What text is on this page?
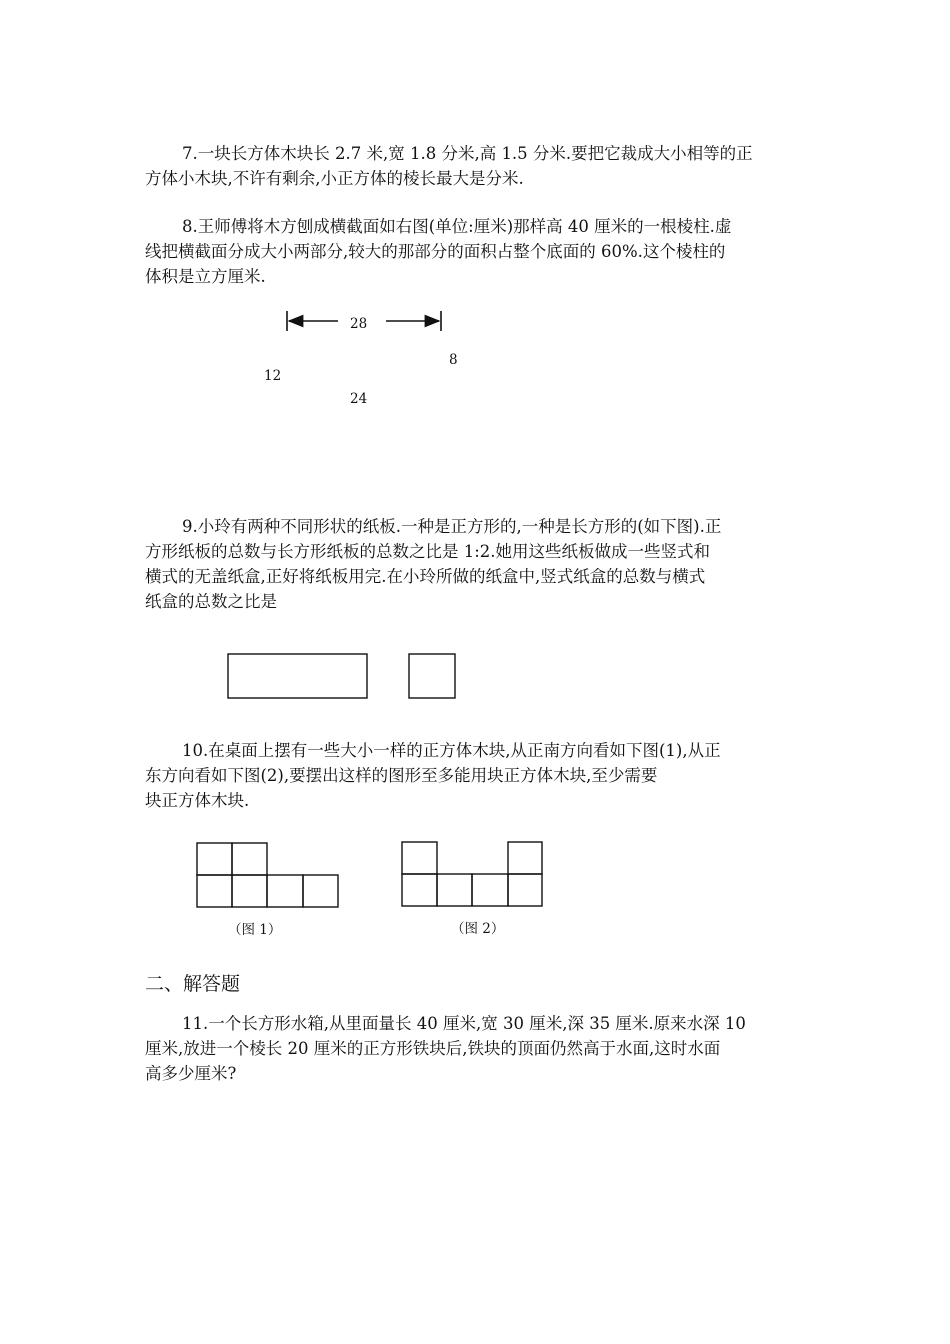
7.一块长方体木块长 2.7 米,宽 1.8 分米,高 1.5 分米.要把它裁成大小相等的正
方体小木块,不许有剩余,小正方体的棱长最大是分米.
8.王师傅将木方刨成横截面如右图(单位:厘米)那样高 40 厘米的一根棱柱.虚
线把横截面分成大小两部分,较大的那部分的面积占整个底面的 60%.这个棱柱的
体积是立方厘米.
28
8
12
24
9.小玲有两种不同形状的纸板.一种是正方形的,一种是长方形的(如下图).正
方形纸板的总数与长方形纸板的总数之比是 1:2.她用这些纸板做成一些竖式和
横式的无盖纸盒,正好将纸板用完.在小玲所做的纸盒中,竖式纸盒的总数与横式
纸盒的总数之比是
10.在桌面上摆有一些大小一样的正方体木块,从正南方向看如下图(1),从正
东方向看如下图(2),要摆出这样的图形至多能用块正方体木块,至少需要
块正方体木块.
（图 1）	（图 2）
二、解答题
11.一个长方形水箱,从里面量长 40 厘米,宽 30 厘米,深 35 厘米.原来水深 10
厘米,放进一个棱长 20 厘米的正方形铁块后,铁块的顶面仍然高于水面,这时水面
高多少厘米?
